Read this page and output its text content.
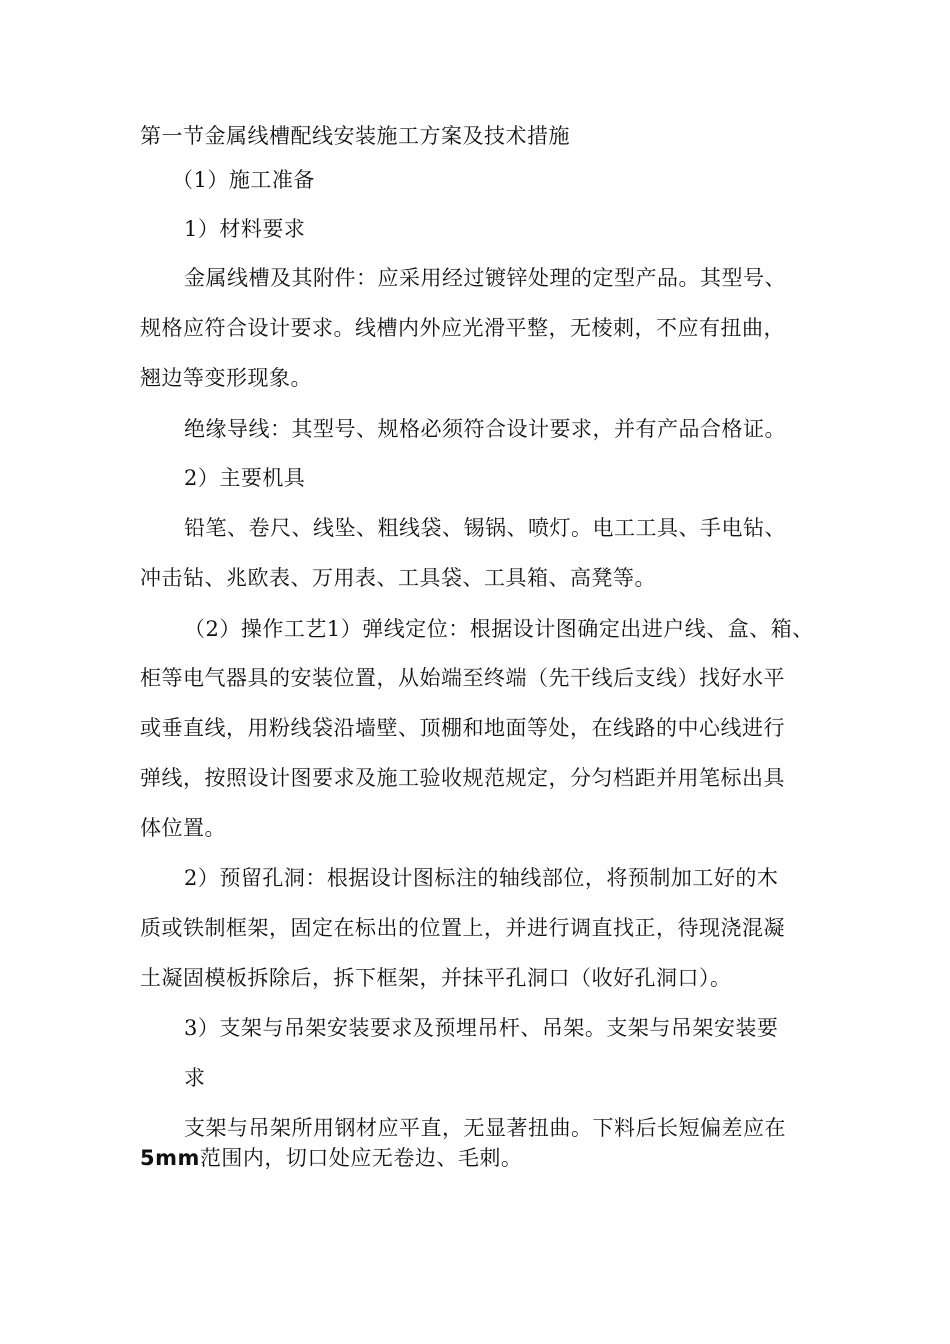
第一节金属线槽配线安装施工方案及技术措施
（1）施工准备
1）材料要求
金属线槽及其附件：应采用经过镀锌处理的定型产品。其型号、
规格应符合设计要求。线槽内外应光滑平整，无棱刺，不应有扭曲，
翘边等变形现象。
绝缘导线：其型号、规格必须符合设计要求，并有产品合格证。
2）主要机具
铅笔、卷尺、线坠、粗线袋、锡锅、喷灯。电工工具、手电钻、
冲击钻、兆欧表、万用表、工具袋、工具箱、高凳等。
（2）操作工艺1）弹线定位：根据设计图确定出进户线、盒、箱、
柜等电气器具的安装位置，从始端至终端（先干线后支线）找好水平
或垂直线，用粉线袋沿墙壁、顶棚和地面等处，在线路的中心线进行
弹线，按照设计图要求及施工验收规范规定，分匀档距并用笔标出具
体位置。
2）预留孔洞：根据设计图标注的轴线部位，将预制加工好的木
质或铁制框架，固定在标出的位置上，并进行调直找正，待现浇混凝
土凝固模板拆除后，拆下框架，并抹平孔洞口（收好孔洞口）。
3）支架与吊架安装要求及预埋吊杆、吊架。支架与吊架安装要
求
支架与吊架所用钢材应平直，无显著扭曲。下料后长短偏差应在
5mm范围内，切口处应无卷边、毛刺。
